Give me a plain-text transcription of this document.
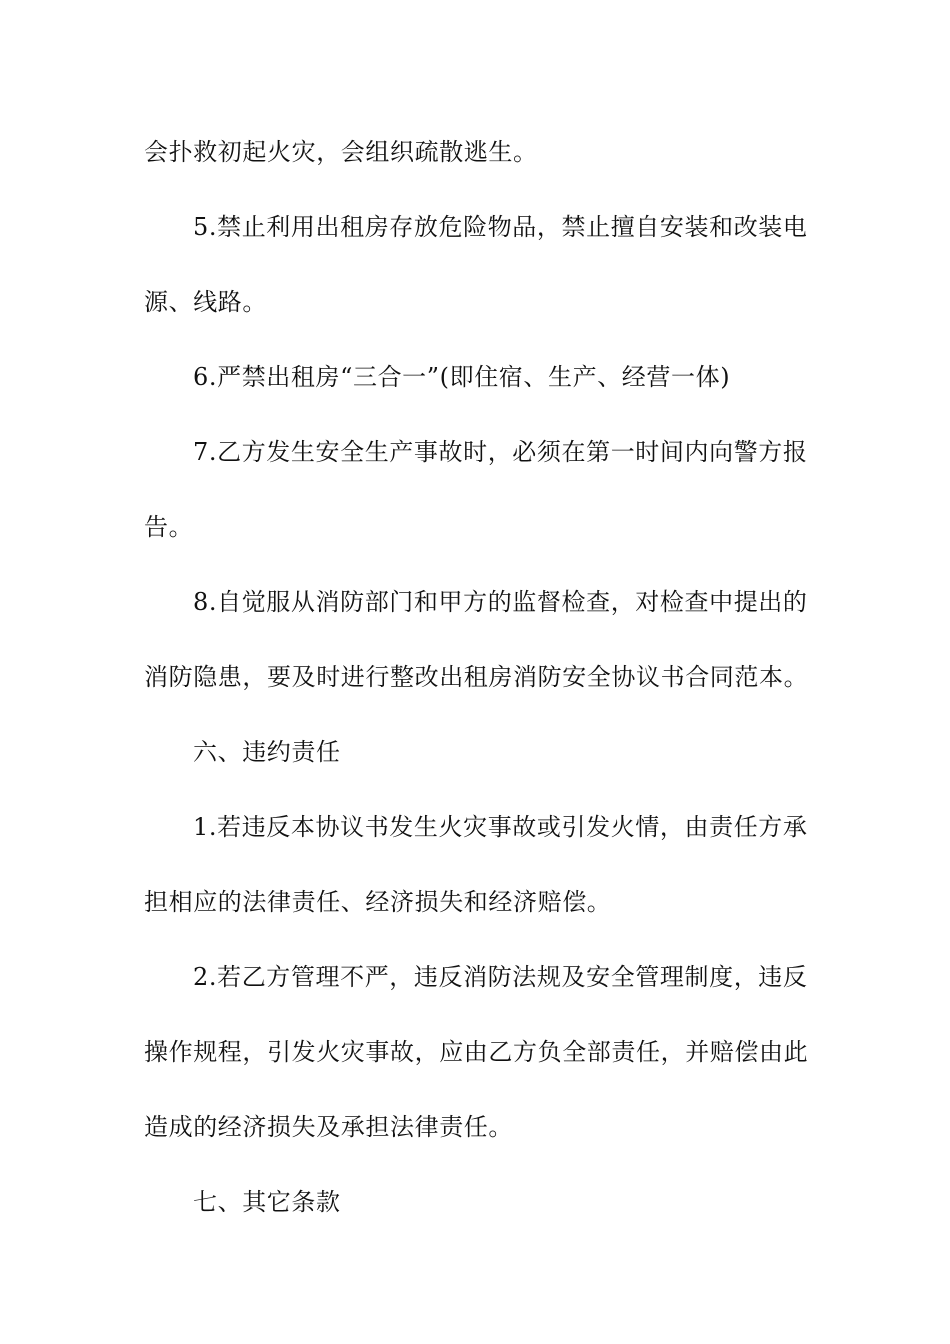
会扑救初起火灾，会组织疏散逃生。
5.禁止利用出租房存放危险物品，禁止擅自安装和改装电
源、线路。
6.严禁出租房“三合一”(即住宿、生产、经营一体)
7.乙方发生安全生产事故时，必须在第一时间内向警方报
告。
8.自觉服从消防部门和甲方的监督检查，对检查中提出的
消防隐患，要及时进行整改出租房消防安全协议书合同范本。
六、违约责任
1.若违反本协议书发生火灾事故或引发火情，由责任方承
担相应的法律责任、经济损失和经济赔偿。
2.若乙方管理不严，违反消防法规及安全管理制度，违反
操作规程，引发火灾事故，应由乙方负全部责任，并赔偿由此
造成的经济损失及承担法律责任。
七、其它条款
